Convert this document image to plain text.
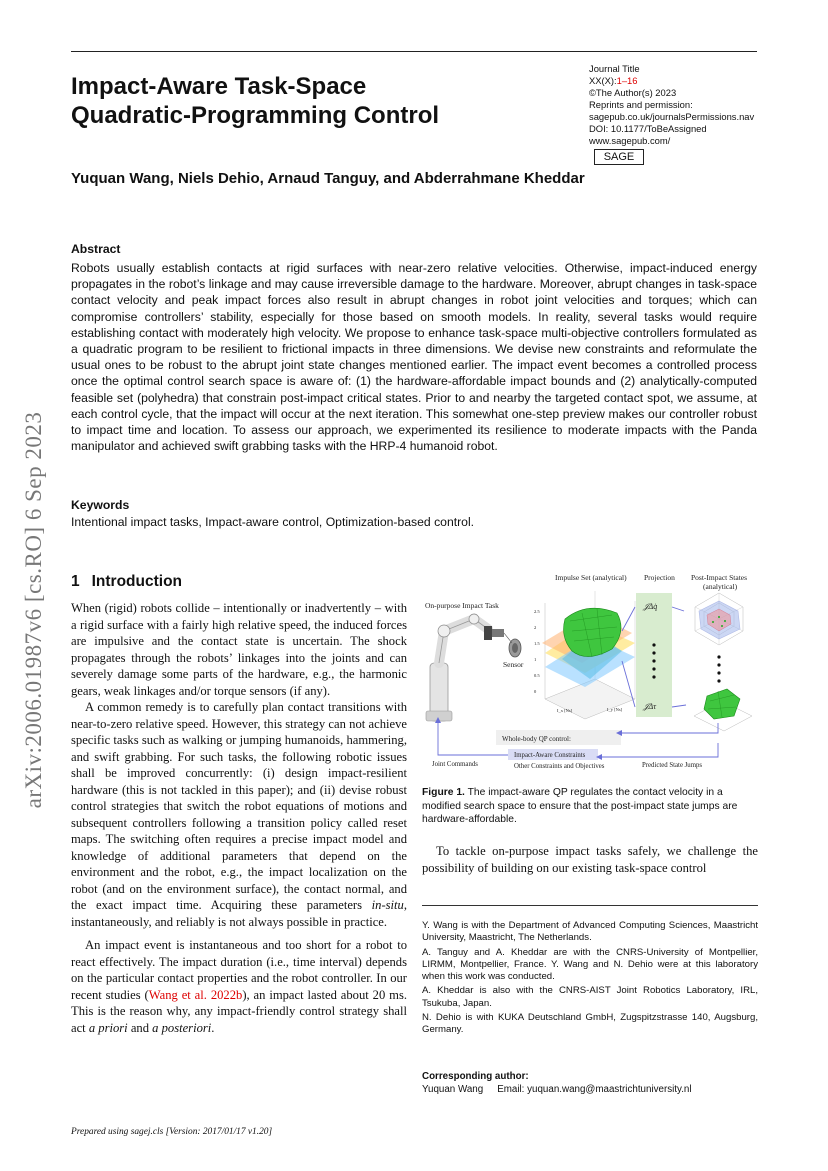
Impact-Aware Task-Space
Quadratic-Programming Control
Journal Title
XX(X):1–16
©The Author(s) 2023
Reprints and permission:
sagepub.co.uk/journalsPermissions.nav
DOI: 10.1177/ToBeAssigned
www.sagepub.com/
SAGE
Yuquan Wang, Niels Dehio, Arnaud Tanguy, and Abderrahmane Kheddar
Abstract
Robots usually establish contacts at rigid surfaces with near-zero relative velocities. Otherwise, impact-induced energy propagates in the robot’s linkage and may cause irreversible damage to the hardware. Moreover, abrupt changes in task-space contact velocity and peak impact forces also result in abrupt changes in robot joint velocities and torques; which can compromise controllers’ stability, especially for those based on smooth models. In reality, several tasks would require establishing contact with moderately high velocity. We propose to enhance task-space multi-objective controllers formulated as a quadratic program to be resilient to frictional impacts in three dimensions. We devise new constraints and reformulate the usual ones to be robust to the abrupt joint state changes mentioned earlier. The impact event becomes a controlled process once the optimal control search space is aware of: (1) the hardware-affordable impact bounds and (2) analytically-computed feasible set (polyhedra) that constrain post-impact critical states. Prior to and nearby the targeted contact spot, we assume, at each control cycle, that the impact will occur at the next iteration. This somewhat one-step preview makes our controller robust to impact time and location. To assess our approach, we experimented its resilience to moderate impacts with the Panda manipulator and achieved swift grabbing tasks with the HRP-4 humanoid robot.
Keywords
Intentional impact tasks, Impact-aware control, Optimization-based control.
arXiv:2006.01987v6 [cs.RO] 6 Sep 2023	1 Introduction

When (rigid) robots collide – intentionally or inadvertently – with a rigid surface with a fairly high relative speed, the induced forces are impulsive and the contact state is uncertain. The shock propagates through the robots’ linkages into the joints and can severely damage some parts of the hardware, e.g., the harmonic gears, weak linkages and/or torque sensors (if any).

A common remedy is to carefully plan contact transitions with near-to-zero relative speed. However, this strategy can not achieve specific tasks such as walking or jumping humanoids, hammering, and swift grabbing. For such tasks, the following robotic issues shall be improved concurrently: (i) design impact-resilient hardware (this is not tackled in this paper); and (ii) devise robust control strategies that switch the robot equations of motions and subsequent controllers following a transition policy called reset maps. The switching often requires a precise impact model and knowledge of additional parameters that depend on the environment and the robot, e.g., the impact localization on the robot (and on the environment surface), the contact normal, and the exact impact time. Acquiring these parameters in-situ, instantaneously, and reliably is not always possible in practice.

An impact event is instantaneous and too short for a robot to react effectively. The impact duration (i.e., time interval) depends on the particular contact properties and the robot controller. In our recent studies (Wang et al. 2022b), an impact lasted about 20 ms. This is the reason why, any impact-friendly control strategy shall act a priori and a posteriori.

Impulse Set (analytical) Projection Post-Impact States
(analytical)
On-purpose Impact Task
Sensor
2.5
2
1.5
1
0.5
0
I_x [Ns]	I_y [Ns]
𝒥Δq̇
𝒥Δτ
Whole-body QP control:
Impact-Aware Constraints
Other Constraints and Objectives
Joint Commands	Predicted State Jumps
Figure 1. The impact-aware QP regulates the contact velocity in a modified search space to ensure that the post-impact state jumps are hardware-affordable.

To tackle on-purpose impact tasks safely, we challenge the possibility of building on our existing task-space control

Y. Wang is with the Department of Advanced Computing Sciences, Maastricht University, Maastricht, The Netherlands.

A. Tanguy and A. Kheddar are with the CNRS-University of Montpellier, LIRMM, Montpellier, France. Y. Wang and N. Dehio were at this laboratory when this work was conducted.

A. Kheddar is also with the CNRS-AIST Joint Robotics Laboratory, IRL, Tsukuba, Japan.

N. Dehio is with KUKA Deutschland GmbH, Zugspitzstrasse 140, Augsburg, Germany.

Corresponding author:
Yuquan Wang Email: yuquan.wang@maastrichtuniversity.nl
Prepared using sagej.cls [Version: 2017/01/17 v1.20]
